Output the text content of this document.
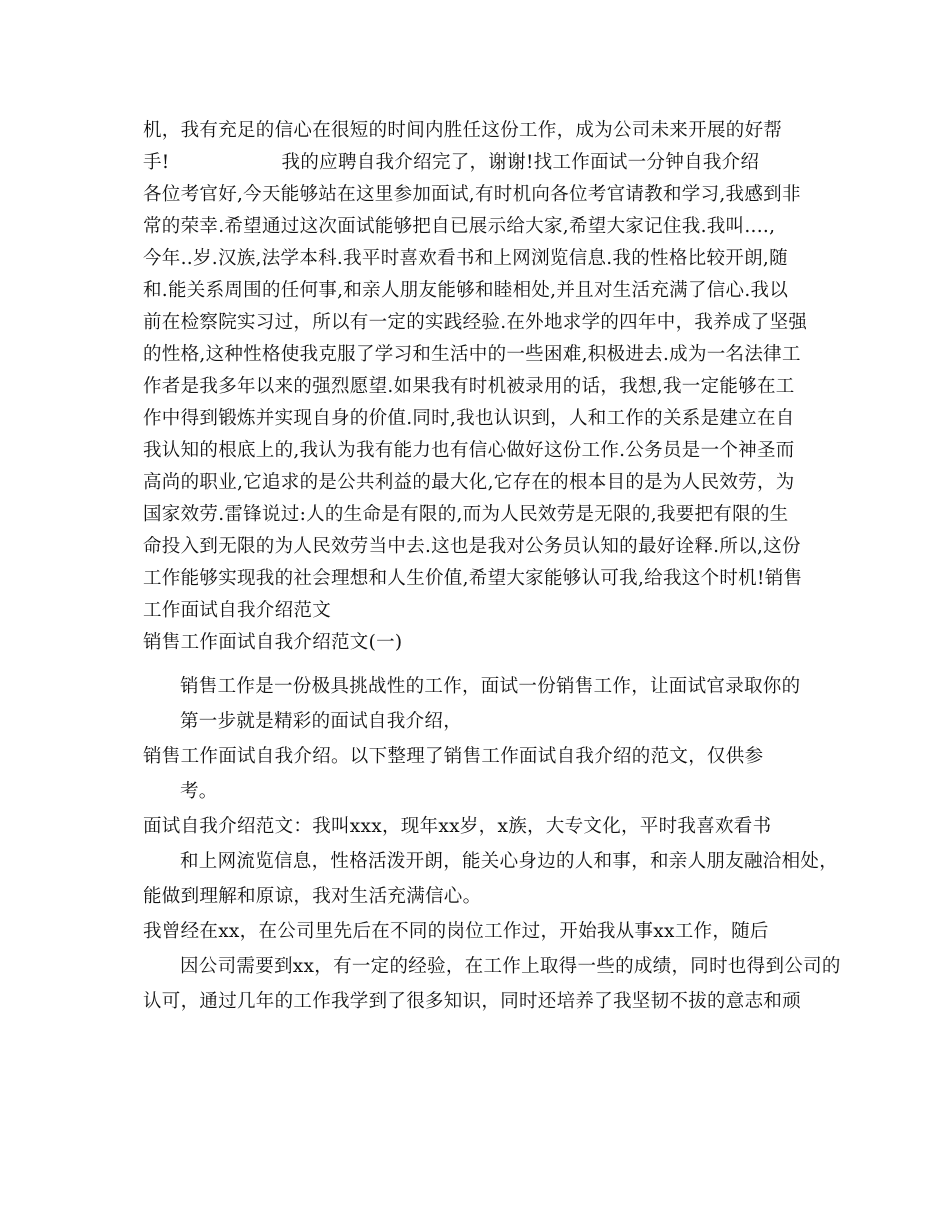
机，我有充足的信心在很短的时间内胜任这份工作，成为公司未来开展的好帮
手!	我的应聘自我介绍完了，谢谢!找工作面试一分钟自我介绍
各位考官好,今天能够站在这里参加面试,有时机向各位考官请教和学习,我感到非
常的荣幸.希望通过这次面试能够把自已展示给大家,希望大家记住我.我叫....,
今年..岁.汉族,法学本科.我平时喜欢看书和上网浏览信息.我的性格比较开朗,随
和.能关系周围的任何事,和亲人朋友能够和睦相处,并且对生活充满了信心.我以
前在检察院实习过，所以有一定的实践经验.在外地求学的四年中，我养成了坚强
的性格,这种性格使我克服了学习和生活中的一些困难,积极进去.成为一名法律工
作者是我多年以来的强烈愿望.如果我有时机被录用的话，我想,我一定能够在工
作中得到锻炼并实现自身的价值.同时,我也认识到，人和工作的关系是建立在自
我认知的根底上的,我认为我有能力也有信心做好这份工作.公务员是一个神圣而
高尚的职业,它追求的是公共利益的最大化,它存在的根本目的是为人民效劳，为
国家效劳.雷锋说过:人的生命是有限的,而为人民效劳是无限的,我要把有限的生
命投入到无限的为人民效劳当中去.这也是我对公务员认知的最好诠释.所以,这份
工作能够实现我的社会理想和人生价值,希望大家能够认可我,给我这个时机!销售
工作面试自我介绍范文
销售工作面试自我介绍范文(一)
销售工作是一份极具挑战性的工作，面试一份销售工作，让面试官录取你的
第一步就是精彩的面试自我介绍，
销售工作面试自我介绍。以下整理了销售工作面试自我介绍的范文，仅供参
考。
面试自我介绍范文：我叫xxx，现年xx岁，x族，大专文化，平时我喜欢看书
和上网流览信息，性格活泼开朗，能关心身边的人和事，和亲人朋友融洽相处，
能做到理解和原谅，我对生活充满信心。
我曾经在xx，在公司里先后在不同的岗位工作过，开始我从事xx工作，随后
因公司需要到xx，有一定的经验，在工作上取得一些的成绩，同时也得到公司的
认可，通过几年的工作我学到了很多知识，同时还培养了我坚韧不拔的意志和顽
